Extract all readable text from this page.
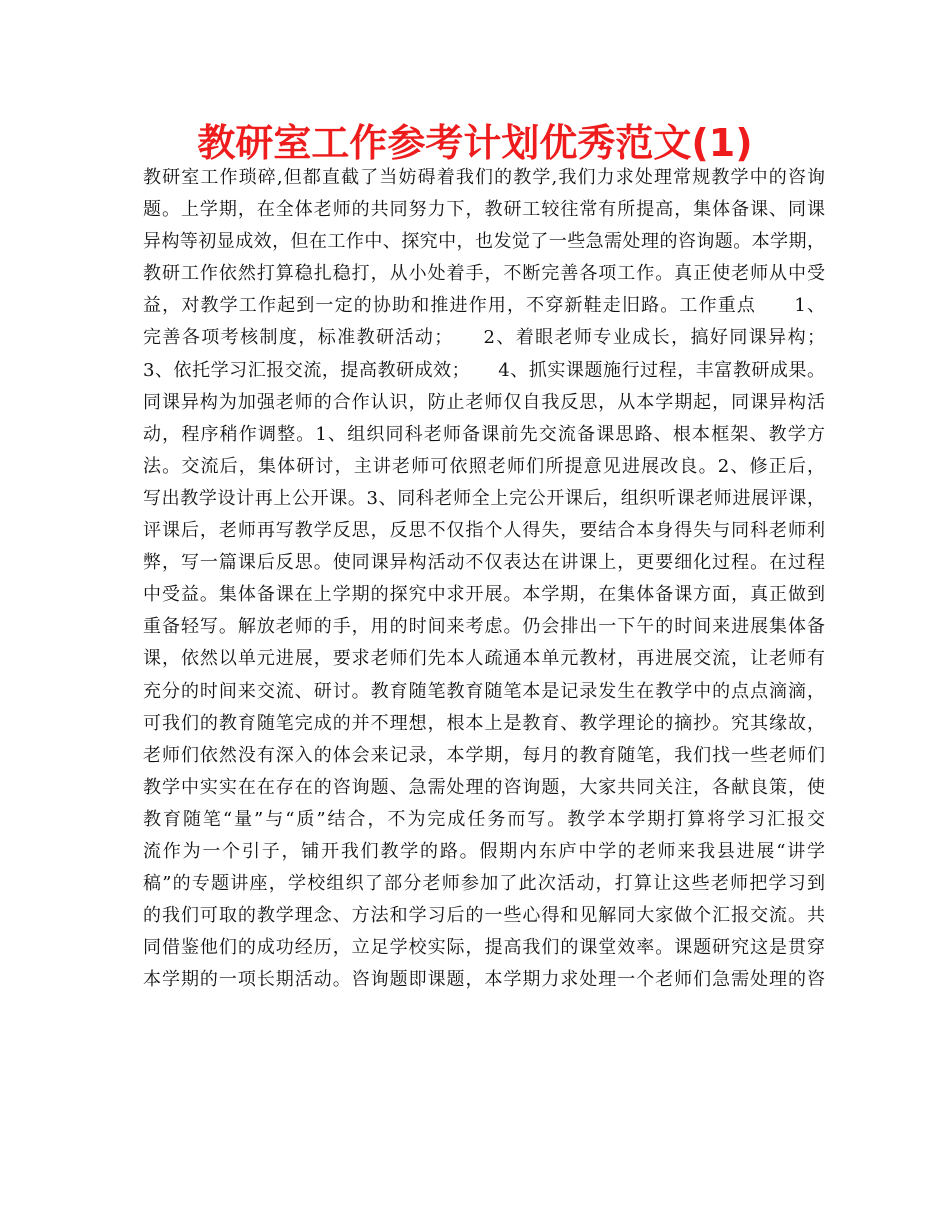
教研室工作参考计划优秀范文(1)
教研室工作琐碎,但都直截了当妨碍着我们的教学,我们力求处理常规教学中的咨询
题。上学期，在全体老师的共同努力下，教研工较往常有所提高，集体备课、同课
异构等初显成效，但在工作中、探究中，也发觉了一些急需处理的咨询题。本学期，
教研工作依然打算稳扎稳打，从小处着手，不断完善各项工作。真正使老师从中受
益，对教学工作起到一定的协助和推进作用，不穿新鞋走旧路。工作重点　　1、
完善各项考核制度，标准教研活动；　　2、着眼老师专业成长，搞好同课异构；
3、依托学习汇报交流，提高教研成效；　　4、抓实课题施行过程，丰富教研成果。
同课异构为加强老师的合作认识，防止老师仅自我反思，从本学期起，同课异构活
动，程序稍作调整。1、组织同科老师备课前先交流备课思路、根本框架、教学方
法。交流后，集体研讨，主讲老师可依照老师们所提意见进展改良。2、修正后，
写出教学设计再上公开课。3、同科老师全上完公开课后，组织听课老师进展评课，
评课后，老师再写教学反思，反思不仅指个人得失，要结合本身得失与同科老师利
弊，写一篇课后反思。使同课异构活动不仅表达在讲课上，更要细化过程。在过程
中受益。集体备课在上学期的探究中求开展。本学期，在集体备课方面，真正做到
重备轻写。解放老师的手，用的时间来考虑。仍会排出一下午的时间来进展集体备
课，依然以单元进展，要求老师们先本人疏通本单元教材，再进展交流，让老师有
充分的时间来交流、研讨。教育随笔教育随笔本是记录发生在教学中的点点滴滴，
可我们的教育随笔完成的并不理想，根本上是教育、教学理论的摘抄。究其缘故，
老师们依然没有深入的体会来记录，本学期，每月的教育随笔，我们找一些老师们
教学中实实在在存在的咨询题、急需处理的咨询题，大家共同关注，各献良策，使
教育随笔“量”与“质”结合，不为完成任务而写。教学本学期打算将学习汇报交
流作为一个引子，铺开我们教学的路。假期内东庐中学的老师来我县进展“讲学
稿”的专题讲座，学校组织了部分老师参加了此次活动，打算让这些老师把学习到
的我们可取的教学理念、方法和学习后的一些心得和见解同大家做个汇报交流。共
同借鉴他们的成功经历，立足学校实际，提高我们的课堂效率。课题研究这是贯穿
本学期的一项长期活动。咨询题即课题，本学期力求处理一个老师们急需处理的咨
